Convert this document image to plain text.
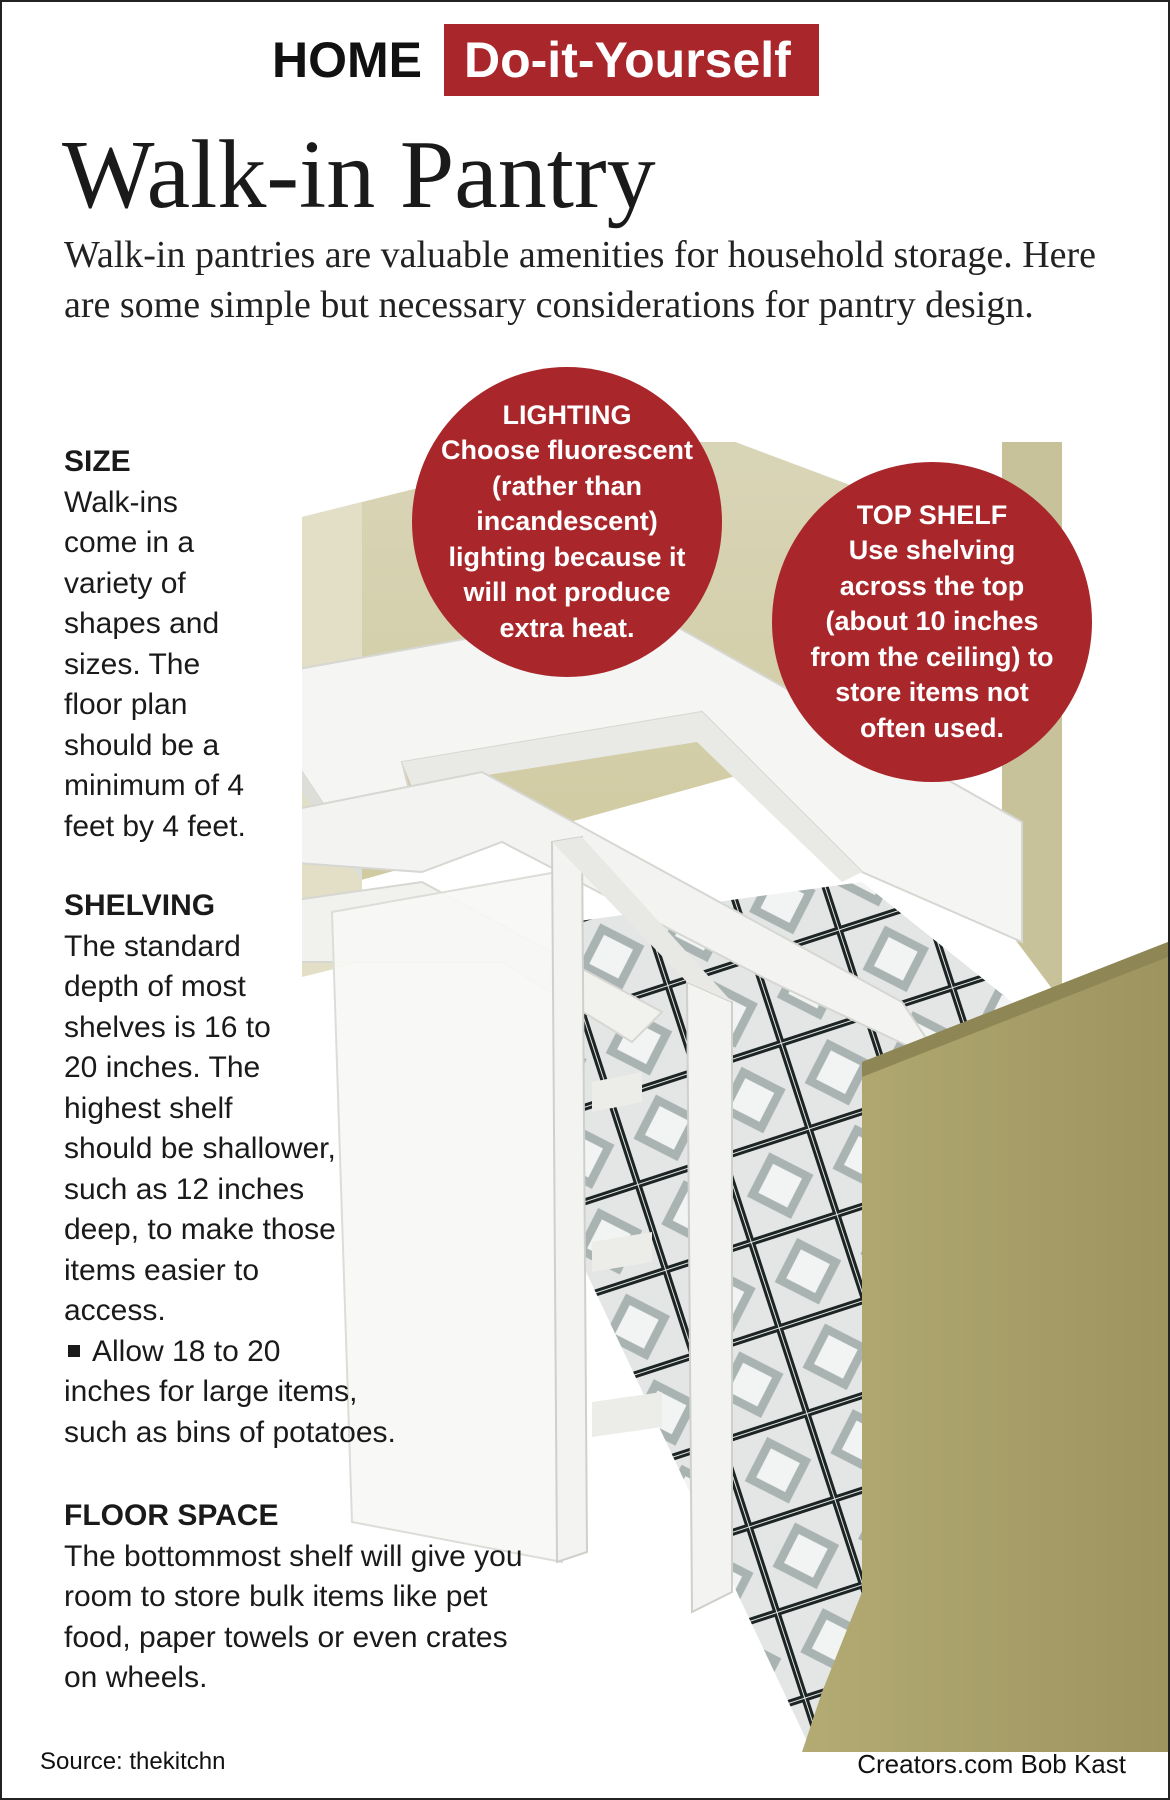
HOME Do-it-Yourself
Walk-in Pantry
Walk-in pantries are valuable amenities for household storage. Here are some simple but necessary considerations for pantry design.
SIZE

Walk-ins

come in a

variety of

shapes and

sizes. The

floor plan

should be a

minimum of 4

feet by 4 feet.

SHELVING

The standard

depth of most

shelves is 16 to

20 inches. The

highest shelf

should be shallower,

such as 12 inches

deep, to make those

items easier to

access.

Allow 18 to 20

inches for large items,

such as bins of potatoes.

FLOOR SPACE

The bottommost shelf will give you

room to store bulk items like pet

food, paper towels or even crates

on wheels.

LIGHTING
Choose fluorescent
(rather than
incandescent)
lighting because it
will not produce
extra heat.
TOP SHELF
Use shelving
across the top
(about 10 inches
from the ceiling) to
store items not
often used.
Source: thekitchn	Creators.com Bob Kast
